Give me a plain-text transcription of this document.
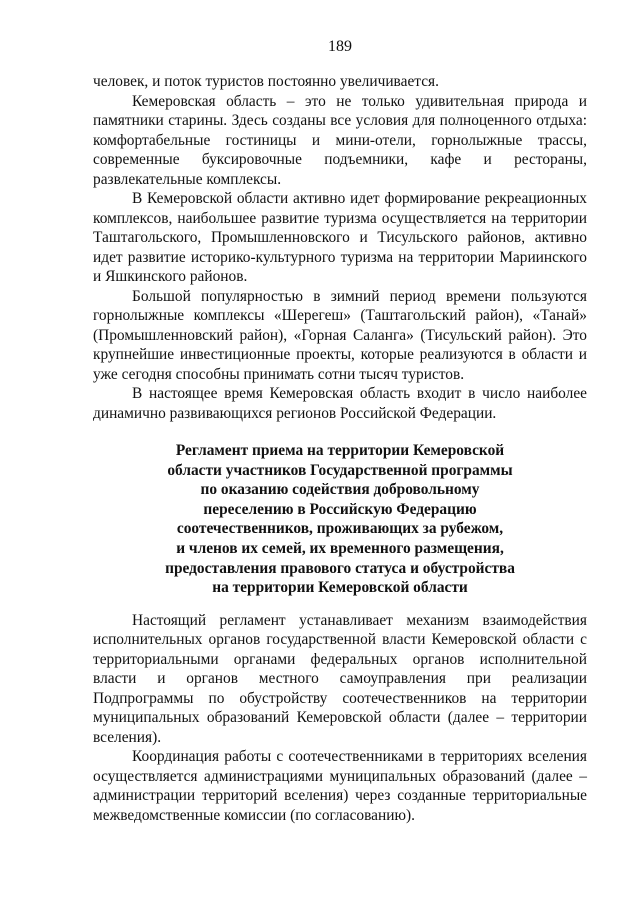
189

человек, и поток туристов постоянно увеличивается.

Кемеровская область – это не только удивительная природа и памятники старины. Здесь созданы все условия для полноценного отдыха: комфортабельные гостиницы и мини-отели, горнолыжные трассы, современные буксировочные подъемники, кафе и рестораны, развлекательные комплексы.

В Кемеровской области активно идет формирование рекреационных комплексов, наибольшее развитие туризма осуществляется на территории Таштагольского, Промышленновского и Тисульского районов, активно идет развитие историко-культурного туризма на территории Мариинского и Яшкинского районов.

Большой популярностью в зимний период времени пользуются горнолыжные комплексы «Шерегеш» (Таштагольский район), «Танай» (Промышленновский район), «Горная Саланга» (Тисульский район). Это крупнейшие инвестиционные проекты, которые реализуются в области и уже сегодня способны принимать сотни тысяч туристов.

В настоящее время Кемеровская область входит в число наиболее динамично развивающихся регионов Российской Федерации.

Регламент приема на территории Кемеровской
области участников Государственной программы
по оказанию содействия добровольному
переселению в Российскую Федерацию
соотечественников, проживающих за рубежом,
и членов их семей, их временного размещения,
предоставления правового статуса и обустройства
на территории Кемеровской области

Настоящий регламент устанавливает механизм взаимодействия исполнительных органов государственной власти Кемеровской области с территориальными органами федеральных органов исполнительной власти и органов местного самоуправления при реализации Подпрограммы по обустройству соотечественников на территории муниципальных образований Кемеровской области (далее – территории вселения).

Координация работы с соотечественниками в территориях вселения осуществляется администрациями муниципальных образований (далее – администрации территорий вселения) через созданные территориальные межведомственные комиссии (по согласованию).
